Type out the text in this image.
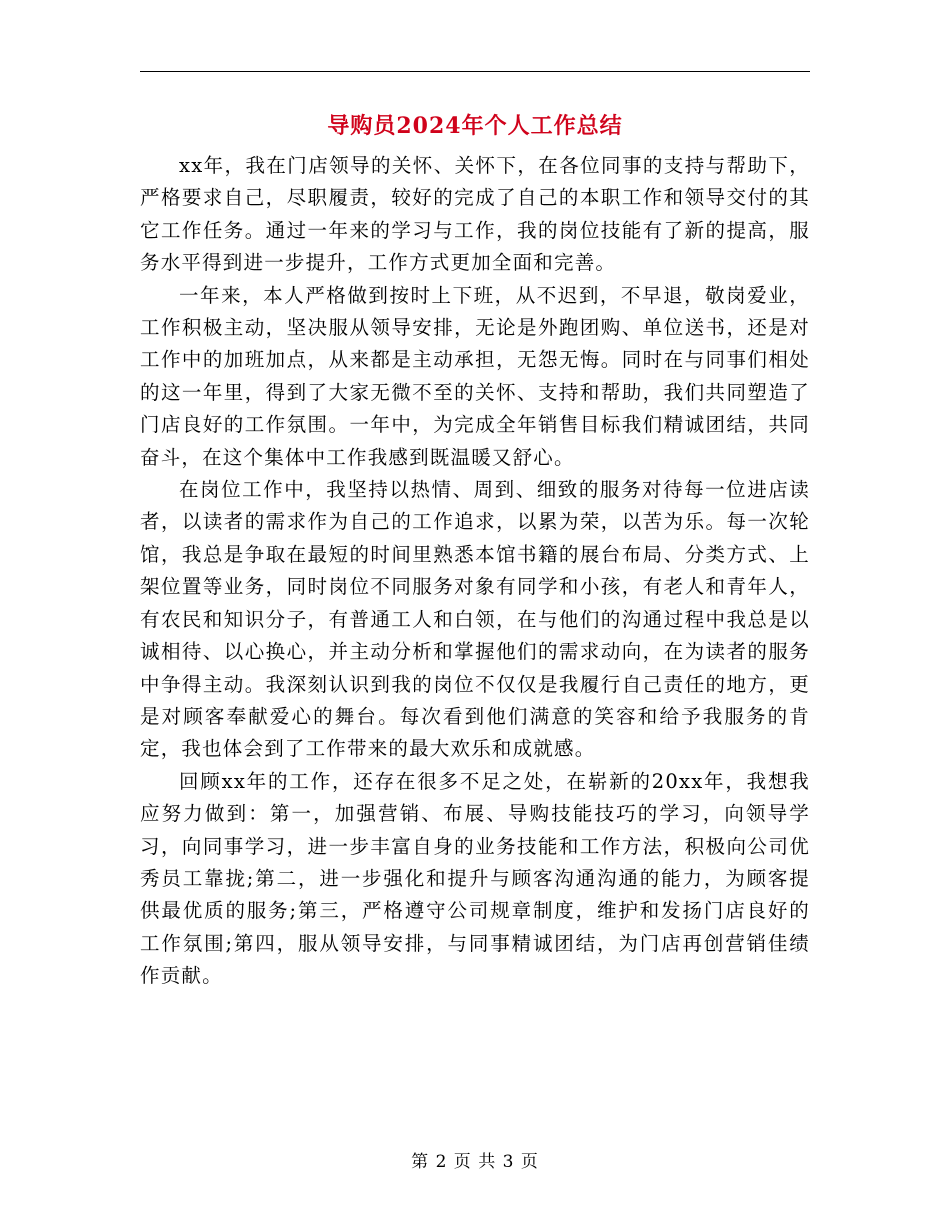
导购员2024年个人工作总结

xx年，我在门店领导的关怀、关怀下，在各位同事的支持与帮助下，严格要求自己，尽职履责，较好的完成了自己的本职工作和领导交付的其它工作任务。通过一年来的学习与工作，我的岗位技能有了新的提高，服务水平得到进一步提升，工作方式更加全面和完善。

一年来，本人严格做到按时上下班，从不迟到，不早退，敬岗爱业，工作积极主动，坚决服从领导安排，无论是外跑团购、单位送书，还是对工作中的加班加点，从来都是主动承担，无怨无悔。同时在与同事们相处的这一年里，得到了大家无微不至的关怀、支持和帮助，我们共同塑造了门店良好的工作氛围。一年中，为完成全年销售目标我们精诚团结，共同奋斗，在这个集体中工作我感到既温暖又舒心。

在岗位工作中，我坚持以热情、周到、细致的服务对待每一位进店读者，以读者的需求作为自己的工作追求，以累为荣，以苦为乐。每一次轮馆，我总是争取在最短的时间里熟悉本馆书籍的展台布局、分类方式、上架位置等业务，同时岗位不同服务对象有同学和小孩，有老人和青年人，有农民和知识分子，有普通工人和白领，在与他们的沟通过程中我总是以诚相待、以心换心，并主动分析和掌握他们的需求动向，在为读者的服务中争得主动。我深刻认识到我的岗位不仅仅是我履行自己责任的地方，更是对顾客奉献爱心的舞台。每次看到他们满意的笑容和给予我服务的肯定，我也体会到了工作带来的最大欢乐和成就感。

回顾xx年的工作，还存在很多不足之处，在崭新的20xx年，我想我应努力做到：第一，加强营销、布展、导购技能技巧的学习，向领导学习，向同事学习，进一步丰富自身的业务技能和工作方法，积极向公司优秀员工靠拢;第二，进一步强化和提升与顾客沟通沟通的能力，为顾客提供最优质的服务;第三，严格遵守公司规章制度，维护和发扬门店良好的工作氛围;第四，服从领导安排，与同事精诚团结，为门店再创营销佳绩作贡献。

第 2 页 共 3 页
